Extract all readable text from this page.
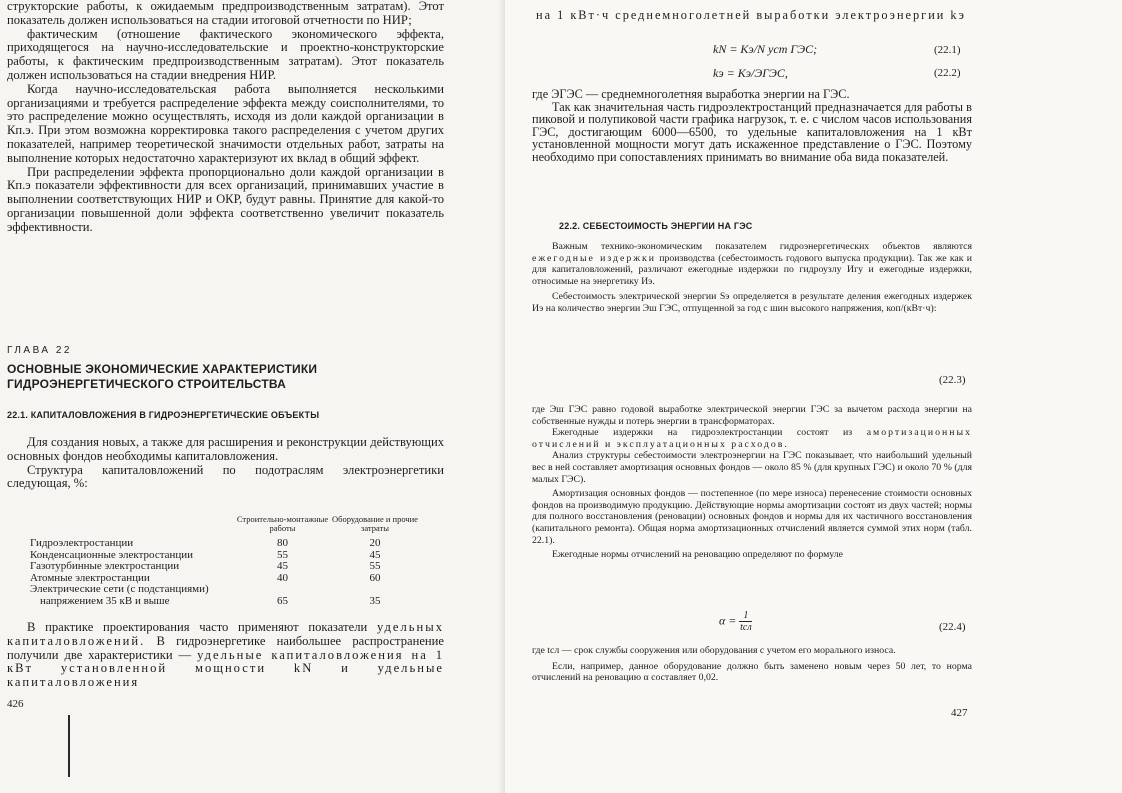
структорские работы, к ожидаемым предпроизводственным затратам). Этот показатель должен использоваться на стадии итоговой отчетности по НИР;

фактическим (отношение фактического экономического эффекта, приходящегося на научно-исследовательские и проектно-конструкторские работы, к фактическим предпроизводственным затратам). Этот показатель должен использоваться на стадии внедрения НИР.

Когда научно-исследовательская работа выполняется несколькими организациями и требуется распределение эффекта между соисполнителями, то это распределение можно осуществлять, исходя из доли каждой организации в Кп.э. При этом возможна корректировка такого распределения с учетом других показателей, например теоретической значимости отдельных работ, затраты на выполнение которых недостаточно характеризуют их вклад в общий эффект.

При распределении эффекта пропорционально доли каждой организации в Кп.э показатели эффективности для всех организаций, принимавших участие в выполнении соответствующих НИР и ОКР, будут равны. Принятие для какой-то организации повышенной доли эффекта соответственно увеличит показатель эффективности.

ГЛАВА 22
ОСНОВНЫЕ ЭКОНОМИЧЕСКИЕ ХАРАКТЕРИСТИКИ
ГИДРОЭНЕРГЕТИЧЕСКОГО СТРОИТЕЛЬСТВА
22.1. КАПИТАЛОВЛОЖЕНИЯ В ГИДРОЭНЕРГЕТИЧЕСКИЕ ОБЪЕКТЫ

Для создания новых, а также для расширения и реконструкции действующих основных фондов необходимы капиталовложения.

Структура капиталовложений по подотраслям электроэнергетики следующая, %:

	Строительно-монтажные работы	Оборудование и прочие затраты

Гидроэлектростанции	80	20
Конденсационные электростанции	55	45
Газотурбинные электростанции	45	55
Атомные электростанции	40	60

Электрические сети (с подстанциями)
напряжением 35 кВ и выше	65	35

В практике проектирования часто применяют показатели удельных капиталовложений. В гидроэнергетике наибольшее распространение получили две характеристики — удельные капиталовложения на 1 кВт установленной мощности kN и удельные капиталовложения

426

на 1 кВт·ч среднемноголетней выработки электроэнергии kэ

kN = Kэ/N уст ГЭС;	(22.1)
kэ = Kэ/ЭГЭС,	(22.2)

где ЭГЭС — среднемноголетняя выработка энергии на ГЭС.

Так как значительная часть гидроэлектростанций предназначается для работы в пиковой и полупиковой части графика нагрузок, т. е. с числом часов использования ГЭС, достигающим 6000—6500, то удельные капиталовложения на 1 кВт установленной мощности могут дать искаженное представление о ГЭС. Поэтому необходимо при сопоставлениях принимать во внимание оба вида показателей.

22.2. СЕБЕСТОИМОСТЬ ЭНЕРГИИ НА ГЭС

Важным технико-экономическим показателем гидроэнергетических объектов являются ежегодные издержки производства (себестоимость годового выпуска продукции). Так же как и для капиталовложений, различают ежегодные издержки по гидроузлу Игу и ежегодные издержки, относимые на энергетику Иэ.

Себестоимость электрической энергии Sэ определяется в результате деления ежегодных издержек Иэ на количество энергии Эш ГЭС, отпущенной за год с шин высокого напряжения, коп/(кВт·ч):

(22.3)

где Эш ГЭС равно годовой выработке электрической энергии ГЭС за вычетом расхода энергии на собственные нужды и потерь энергии в трансформаторах.

Ежегодные издержки на гидроэлектростанции состоят из амортизационных отчислений и эксплуатационных расходов.

Анализ структуры себестоимости электроэнергии на ГЭС показывает, что наибольший удельный вес в ней составляет амортизация основных фондов — около 85 % (для крупных ГЭС) и около 70 % (для малых ГЭС).

Амортизация основных фондов — постепенное (по мере износа) перенесение стоимости основных фондов на производимую продукцию. Действующие нормы амортизации состоят из двух частей; нормы для полного восстановления (реновации) основных фондов и нормы для их частичного восстановления (капитального ремонта). Общая норма амортизационных отчислений является суммой этих норм (табл. 22.1).

Ежегодные нормы отчислений на реновацию определяют по формуле

$\alpha = \frac{1}{\text{tсл}}$	(22.4)

где tсл — срок службы сооружения или оборудования с учетом его морального износа.

Если, например, данное оборудование должно быть заменено новым через 50 лет, то норма отчислений на реновацию α составляет 0,02.

427
